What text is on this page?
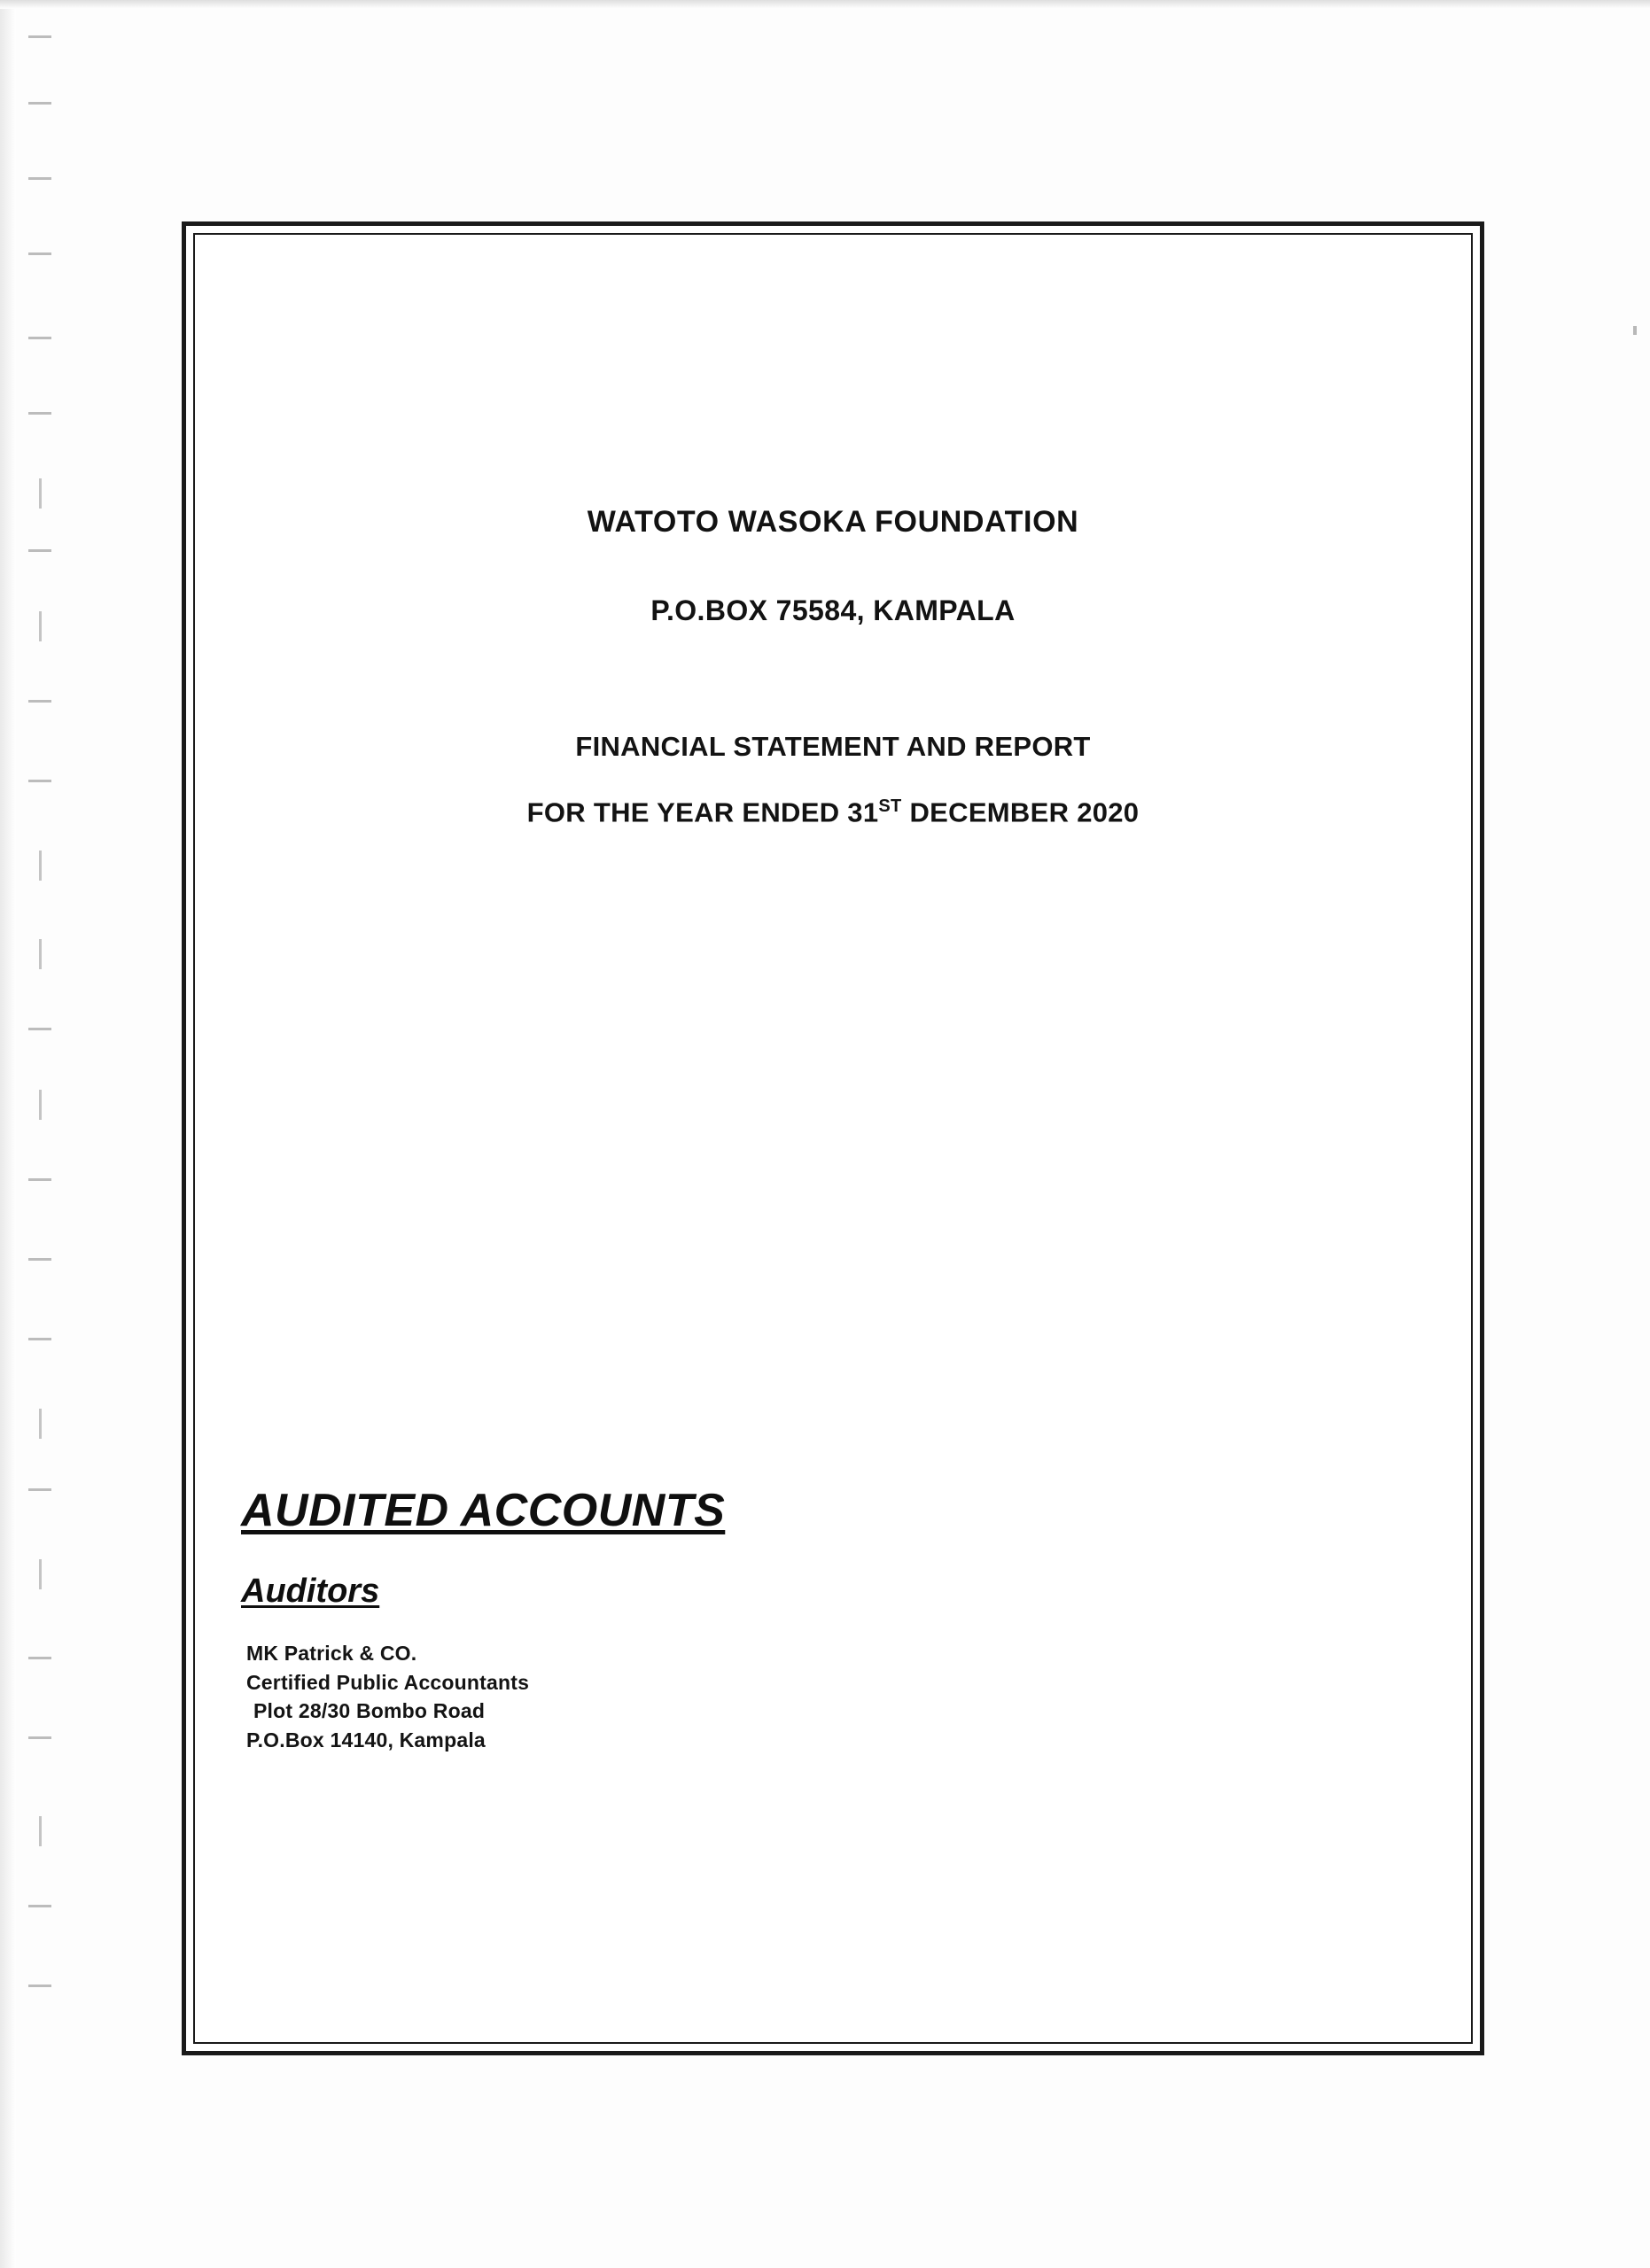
WATOTO WASOKA FOUNDATION
P.O.BOX 75584, KAMPALA
FINANCIAL STATEMENT AND REPORT
FOR THE YEAR ENDED 31ST DECEMBER 2020
AUDITED ACCOUNTS
Auditors
MK Patrick & CO.
Certified Public Accountants
Plot 28/30 Bombo Road
P.O.Box 14140, Kampala
